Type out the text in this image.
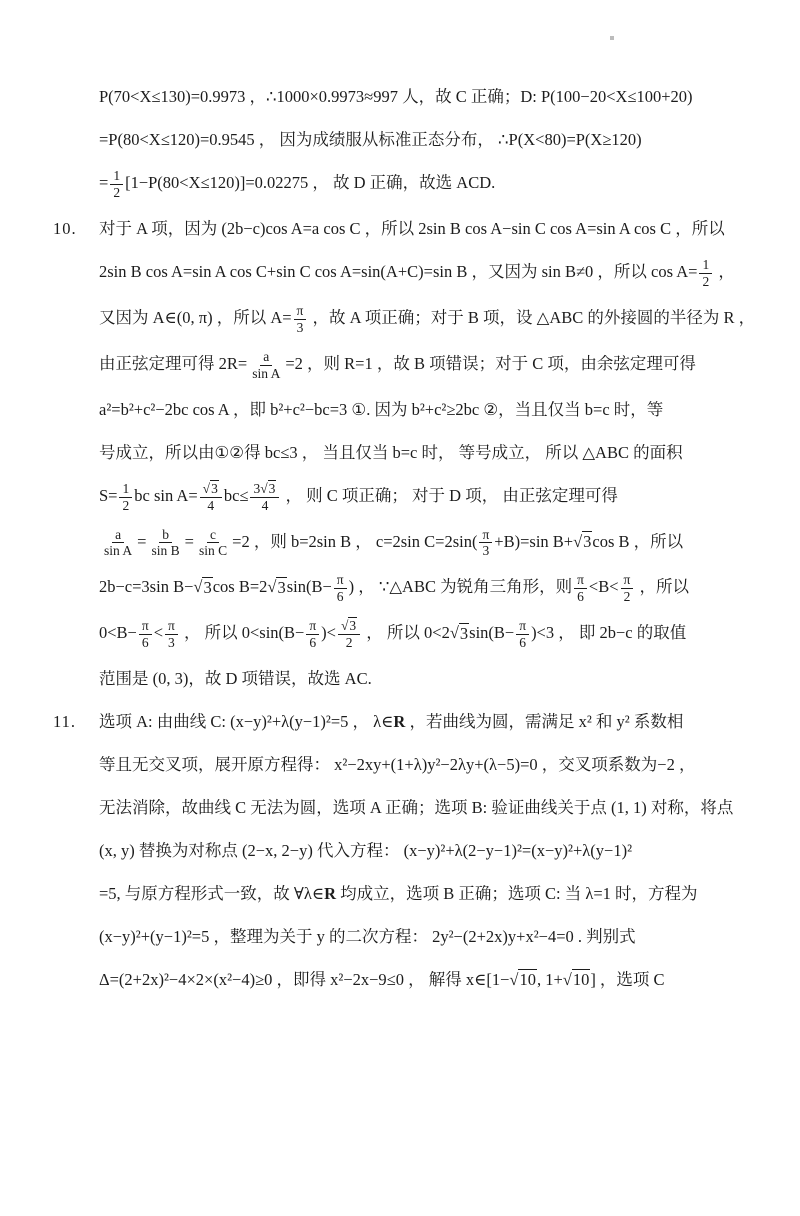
P(70<X≤130)=0.9973 ，∴1000×0.9973≈997 人，故 C 正确；D: P(100−20<X≤100+20)
=P(80<X≤120)=0.9545 ， 因为成绩服从标准正态分布， ∴P(X<80)=P(X≥120)
= $\frac{1}{2} [1-P(80<X\le 120)]=0.02275$ ， 故 D 正确，故选 ACD.
10. 对于 A 项，因为 (2b−c)cos A=a cos C ，所以 2sin B cos A−sin C cos A=sin A cos C ，所以
2sin B cos A=sin A cos C+sin C cos A=sin(A+C)=sin B ，又因为 sin B≠0 ，所以 $\cos A= \frac{1}{2}$ ，
又因为 A∈(0, π) ，所以 $A= \frac{\pi}{3}$ ，故 A 项正确；对于 B 项，设 △ABC 的外接圆的半径为 R ，
由正弦定理可得 $2R= \frac{a}{\text{sin A}} =2$ ，则 R=1 ，故 B 项错误；对于 C 项，由余弦定理可得
a²=b²+c²−2bc cos A ，即 b²+c²−bc=3 ①. 因为 b²+c²≥2bc ②，当且仅当 b=c 时，等
号成立，所以由①②得 bc≤3 ， 当且仅当 b=c 时， 等号成立， 所以 △ABC 的面积
$S= \frac{1}{2}$ bc $\sin A= \frac{√3}{4} bc\le \frac{3√3}{4}$ ， 则 C 项正确； 对于 D 项， 由正弦定理可得
$\frac{a}{\text{sin A}} = \frac{b}{\text{sin B}} = \frac{c}{\text{sin C}} =2$ ，则 b=2sin B ， c=2sin $C=2\sin( \frac{\pi}{3} +B)=\sin$ B+√3cos B ，所以
2b−c=3sin B−√3cos $B=2√3\sin(B- \frac{\pi}{6}$ ) ， ∵△ABC 为锐角三角形，则 $\frac{\pi}{6} <B< \frac{\pi}{2}$ ，所以
$0<B- \frac{\pi}{6} < \frac{\pi}{3}$ ， 所以 $0<\sin(B- \frac{\pi}{6}$ )< $\frac{√3}{2}$ ， 所以 $0<2√3\sin(B- \frac{\pi}{6} )<3$ ， 即 2b−c 的取值
范围是 (0, 3)，故 D 项错误，故选 AC.
11. 选项 A: 由曲线 C: (x−y)²+λ(y−1)²=5 ， λ∈R ，若曲线为圆，需满足 x² 和 y² 系数相
等且无交叉项，展开原方程得： x²−2xy+(1+λ)y²−2λy+(λ−5)=0 ，交叉项系数为−2 ，
无法消除，故曲线 C 无法为圆，选项 A 正确；选项 B: 验证曲线关于点 (1, 1) 对称，将点
(x, y) 替换为对称点 (2−x, 2−y) 代入方程： (x−y)²+λ(2−y−1)²=(x−y)²+λ(y−1)²
=5, 与原方程形式一致，故 ∀λ∈R 均成立，选项 B 正确；选项 C: 当 λ=1 时，方程为
(x−y)²+(y−1)²=5 ，整理为关于 y 的二次方程： 2y²−(2+2x)y+x²−4=0 . 判别式
Δ=(2+2x)²−4×2×(x²−4)≥0 ，即得 x²−2x−9≤0 ， 解得 x∈[1−√10, 1+√10] ，选项 C
